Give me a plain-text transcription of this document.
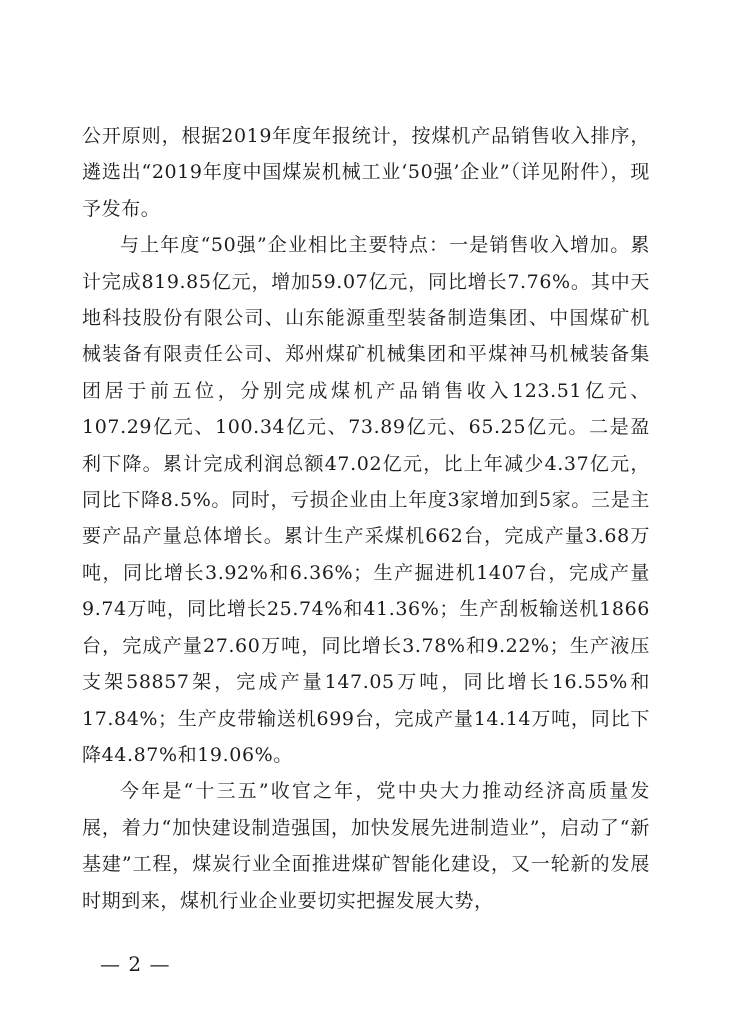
公开原则，根据2019年度年报统计，按煤机产品销售收入排序，遴选出“2019年度中国煤炭机械工业‘50强’企业”（详见附件），现予发布。

与上年度“50强”企业相比主要特点：一是销售收入增加。累计完成819.85亿元，增加59.07亿元，同比增长7.76%。其中天地科技股份有限公司、山东能源重型装备制造集团、中国煤矿机械装备有限责任公司、郑州煤矿机械集团和平煤神马机械装备集团居于前五位，分别完成煤机产品销售收入123.51亿元、107.29亿元、100.34亿元、73.89亿元、65.25亿元。二是盈利下降。累计完成利润总额47.02亿元，比上年减少4.37亿元，同比下降8.5%。同时，亏损企业由上年度3家增加到5家。三是主要产品产量总体增长。累计生产采煤机662台，完成产量3.68万吨，同比增长3.92%和6.36%；生产掘进机1407台，完成产量9.74万吨，同比增长25.74%和41.36%；生产刮板输送机1866台，完成产量27.60万吨，同比增长3.78%和9.22%；生产液压支架58857架，完成产量147.05万吨，同比增长16.55%和17.84%；生产皮带输送机699台，完成产量14.14万吨，同比下降44.87%和19.06%。

今年是“十三五”收官之年，党中央大力推动经济高质量发展，着力“加快建设制造强国，加快发展先进制造业”，启动了“新基建”工程，煤炭行业全面推进煤矿智能化建设，又一轮新的发展时期到来，煤机行业企业要切实把握发展大势，

— 2 —
